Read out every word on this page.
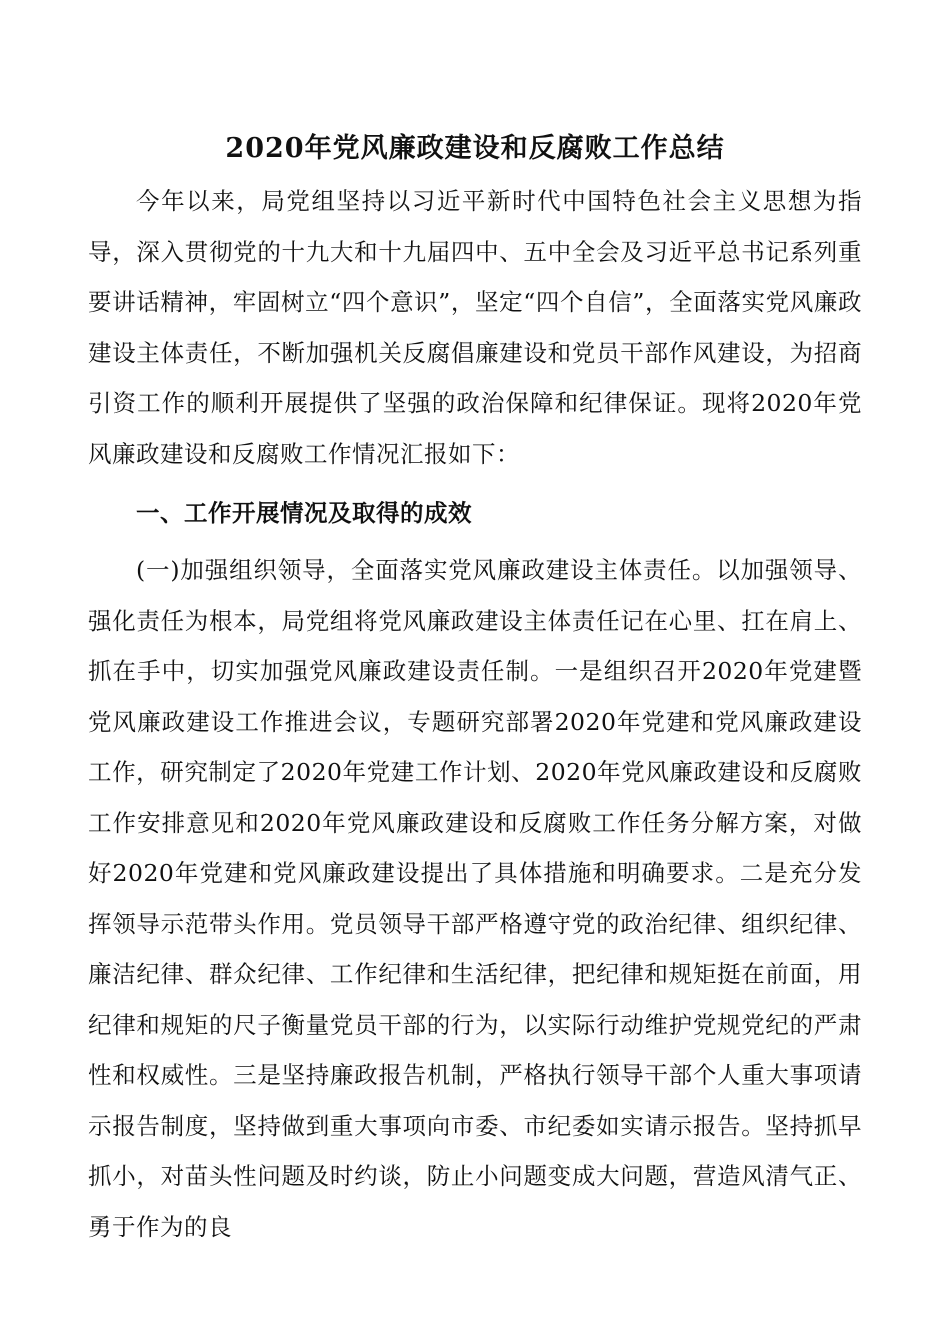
2020年党风廉政建设和反腐败工作总结

今年以来，局党组坚持以习近平新时代中国特色社会主义思想为指导，深入贯彻党的十九大和十九届四中、五中全会及习近平总书记系列重要讲话精神，牢固树立“四个意识”，坚定“四个自信”，全面落实党风廉政建设主体责任，不断加强机关反腐倡廉建设和党员干部作风建设，为招商引资工作的顺利开展提供了坚强的政治保障和纪律保证。现将2020年党风廉政建设和反腐败工作情况汇报如下：

一、工作开展情况及取得的成效

(一)加强组织领导，全面落实党风廉政建设主体责任。以加强领导、强化责任为根本，局党组将党风廉政建设主体责任记在心里、扛在肩上、抓在手中，切实加强党风廉政建设责任制。一是组织召开2020年党建暨党风廉政建设工作推进会议，专题研究部署2020年党建和党风廉政建设工作，研究制定了2020年党建工作计划、2020年党风廉政建设和反腐败工作安排意见和2020年党风廉政建设和反腐败工作任务分解方案，对做好2020年党建和党风廉政建设提出了具体措施和明确要求。二是充分发挥领导示范带头作用。党员领导干部严格遵守党的政治纪律、组织纪律、廉洁纪律、群众纪律、工作纪律和生活纪律，把纪律和规矩挺在前面，用纪律和规矩的尺子衡量党员干部的行为，以实际行动维护党规党纪的严肃性和权威性。三是坚持廉政报告机制，严格执行领导干部个人重大事项请示报告制度，坚持做到重大事项向市委、市纪委如实请示报告。坚持抓早抓小，对苗头性问题及时约谈，防止小问题变成大问题，营造风清气正、勇于作为的良
